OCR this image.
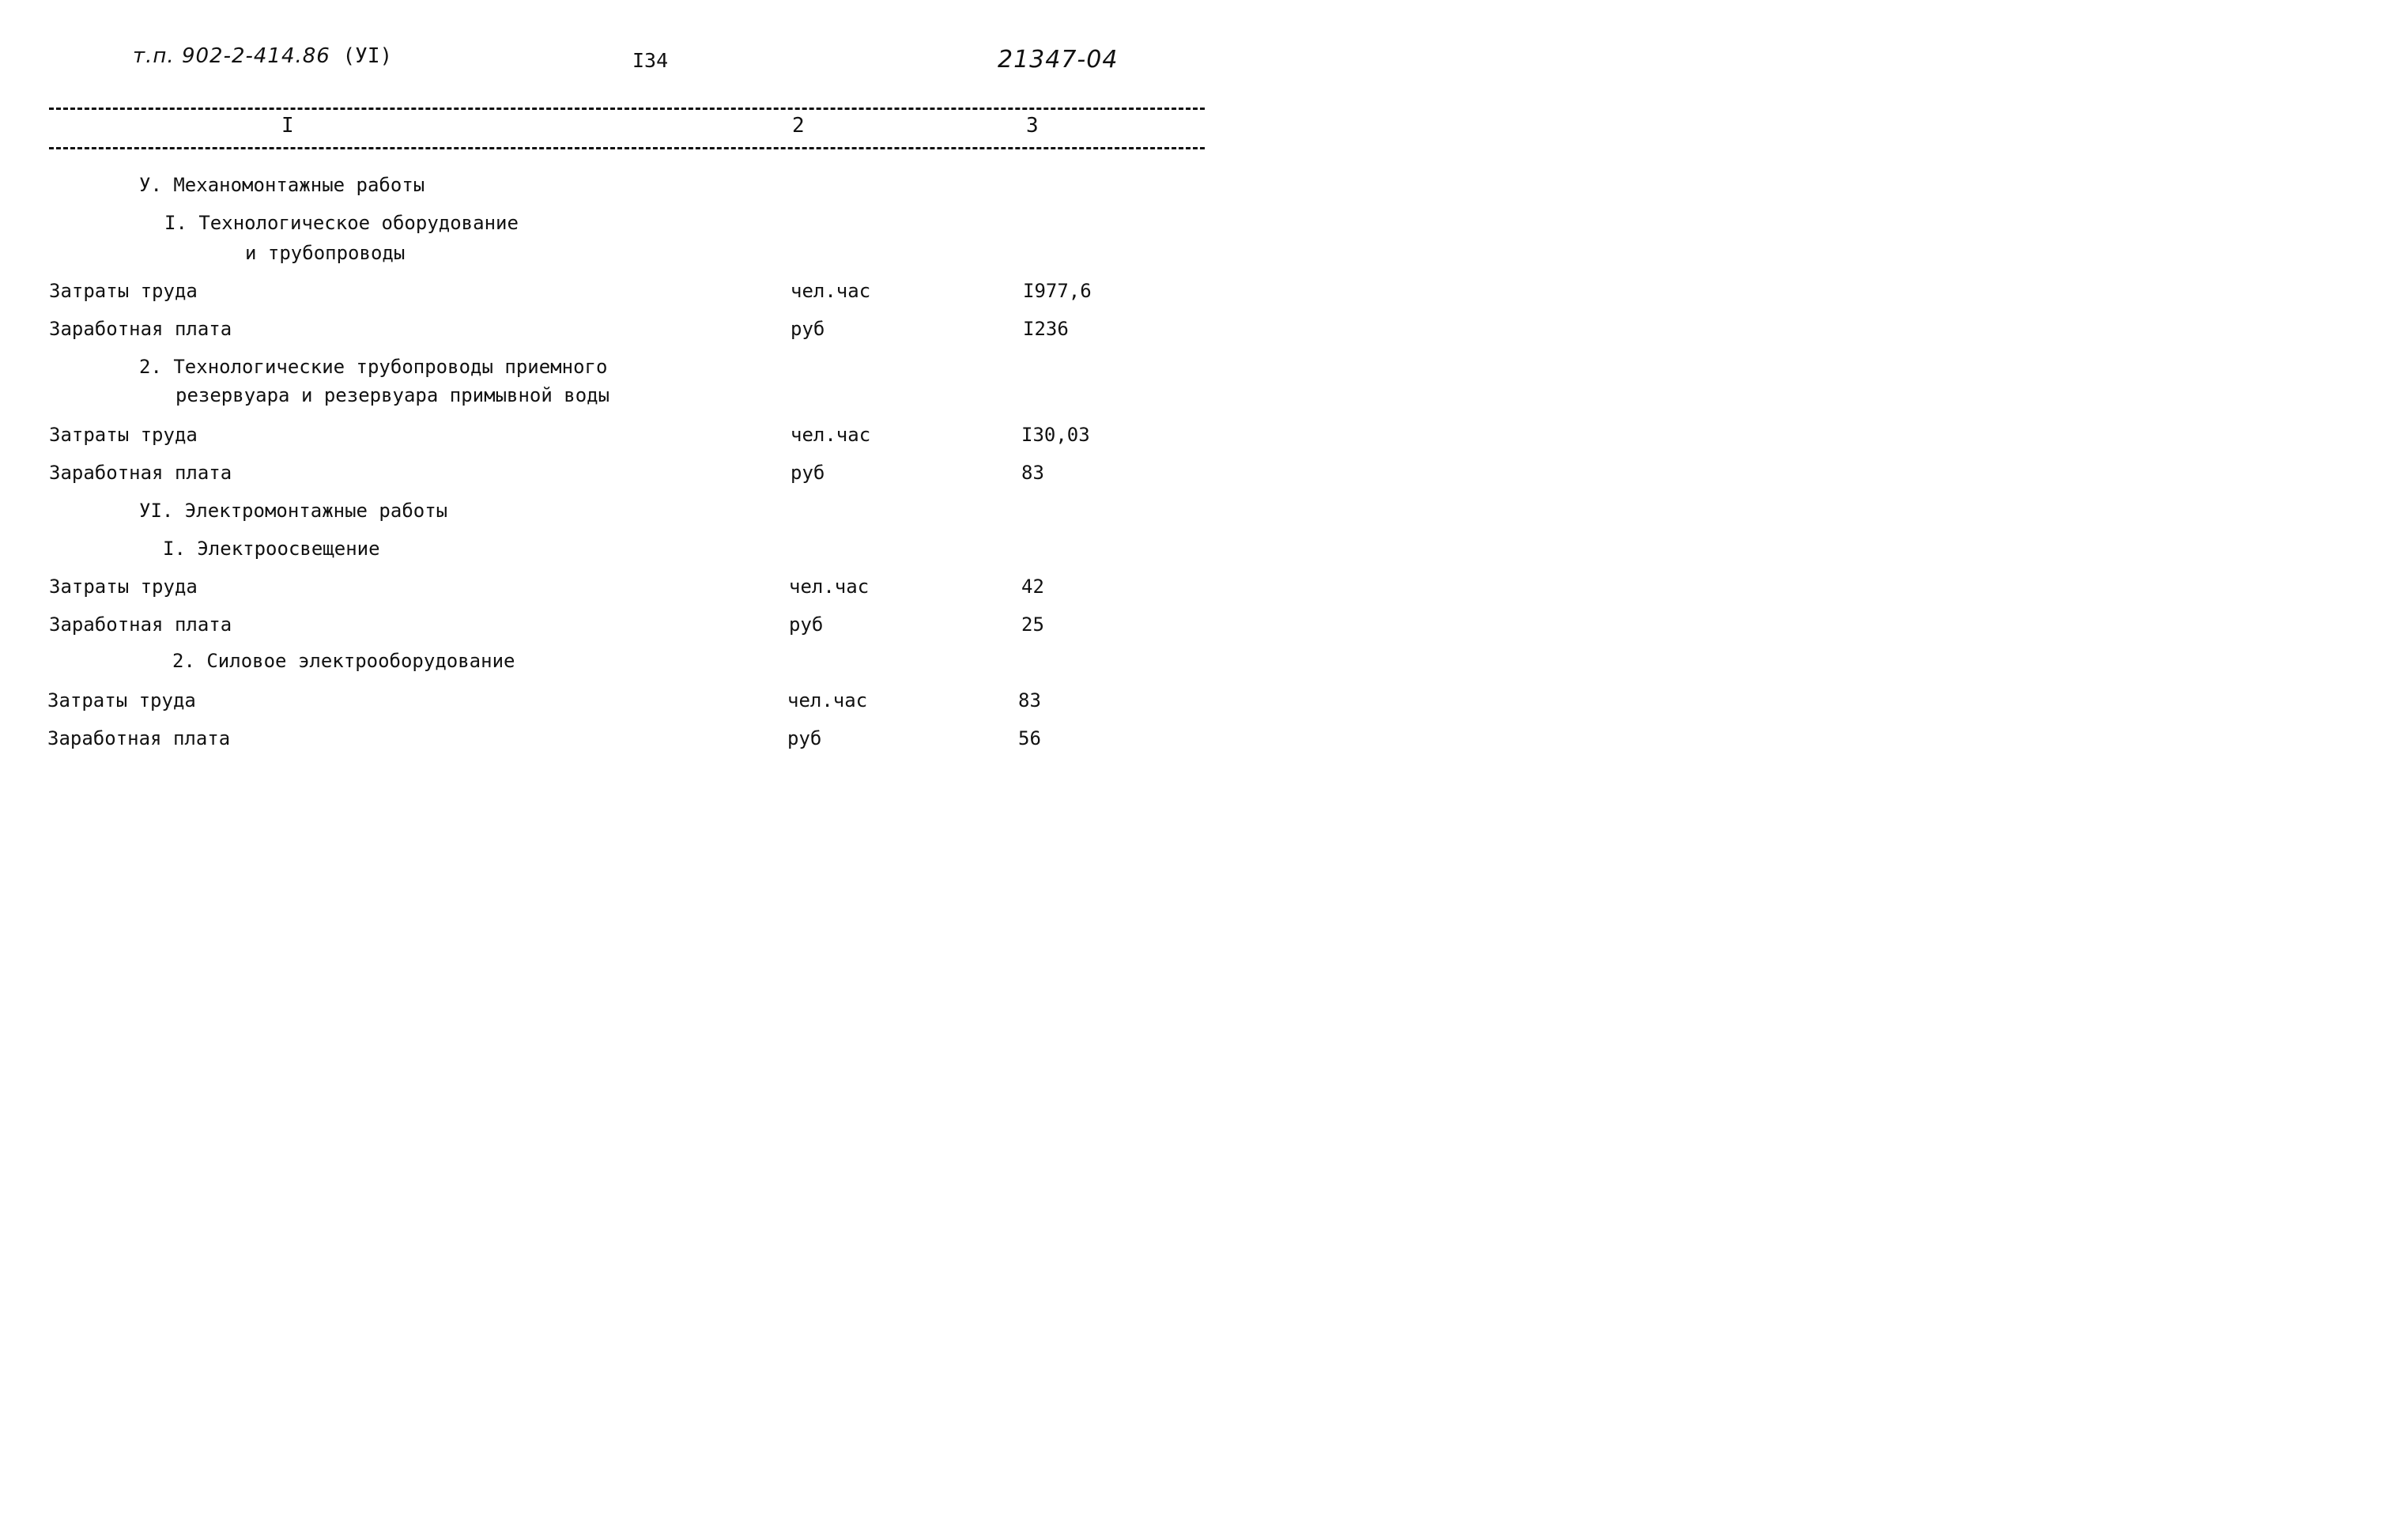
т.п. 902-2-414.86 (УI)	I34	21347-04
I	2	3
У. Механомонтажные работы
I. Технологическое оборудование
и трубопроводы
Затраты труда	чел.час	I977,6
Заработная плата	руб	I236
2. Технологические трубопроводы приемного
резервуара и резервуара примывной воды
Затраты труда	чел.час	I30,03
Заработная плата	руб	83
УI. Электромонтажные работы
I. Электроосвещение
Затраты труда	чел.час	42
Заработная плата	руб	25
2. Силовое электрооборудование
Затраты труда	чел.час	83
Заработная плата	руб	56
